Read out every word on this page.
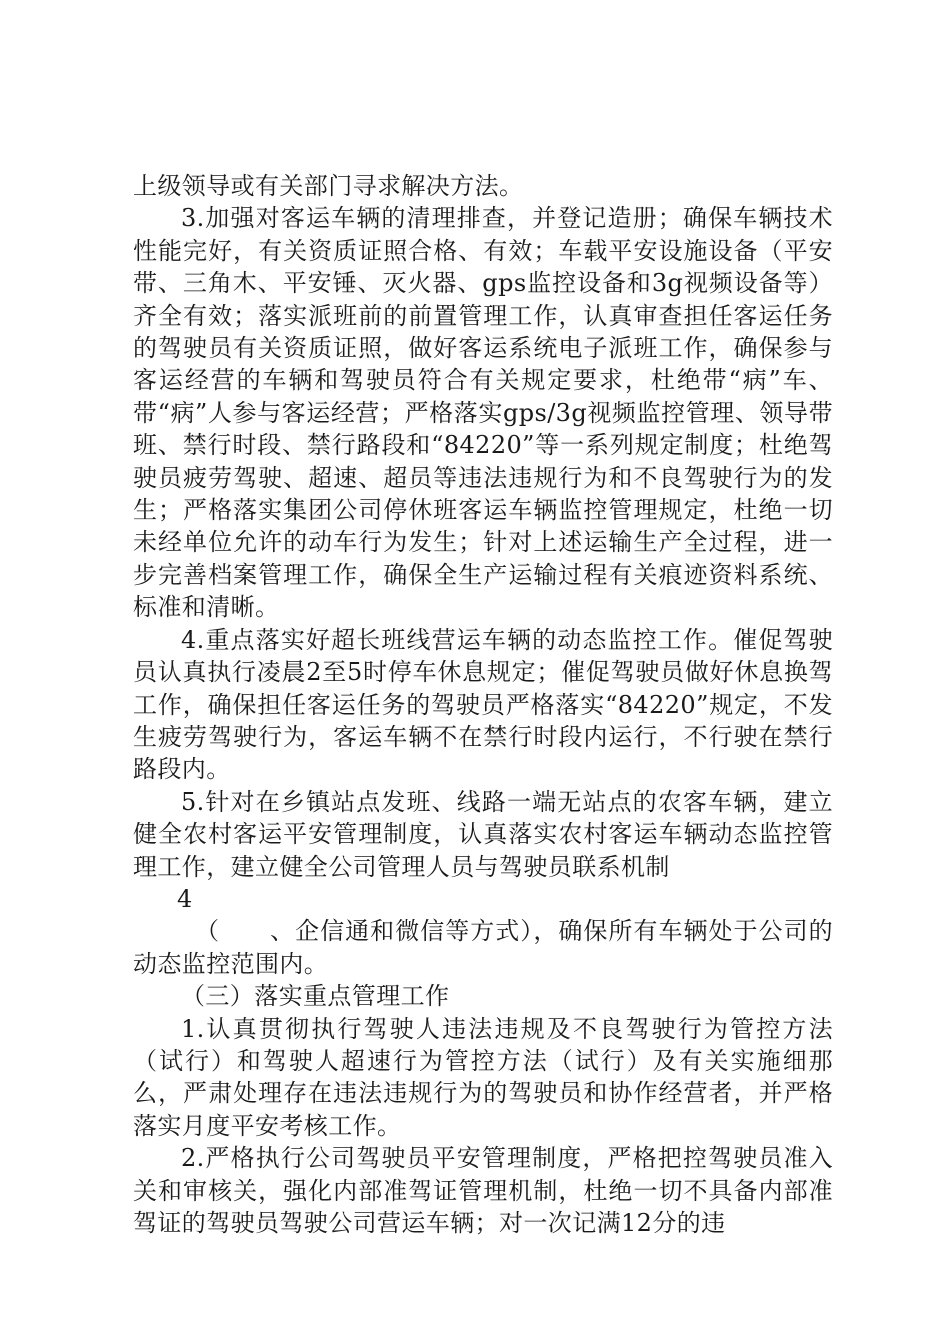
上级领导或有关部门寻求解决方法。

3.加强对客运车辆的清理排查，并登记造册；确保车辆技术性能完好，有关资质证照合格、有效；车载平安设施设备（平安带、三角木、平安锤、灭火器、gps监控设备和3g视频设备等）齐全有效；落实派班前的前置管理工作，认真审查担任客运任务的驾驶员有关资质证照，做好客运系统电子派班工作，确保参与客运经营的车辆和驾驶员符合有关规定要求，杜绝带“病”车、带“病”人参与客运经营；严格落实gps/3g视频监控管理、领导带班、禁行时段、禁行路段和“84220”等一系列规定制度；杜绝驾驶员疲劳驾驶、超速、超员等违法违规行为和不良驾驶行为的发生；严格落实集团公司停休班客运车辆监控管理规定，杜绝一切未经单位允许的动车行为发生；针对上述运输生产全过程，进一步完善档案管理工作，确保全生产运输过程有关痕迹资料系统、标准和清晰。

4.重点落实好超长班线营运车辆的动态监控工作。催促驾驶员认真执行凌晨2至5时停车休息规定；催促驾驶员做好休息换驾工作，确保担任客运任务的驾驶员严格落实“84220”规定，不发生疲劳驾驶行为，客运车辆不在禁行时段内运行，不行驶在禁行路段内。

5.针对在乡镇站点发班、线路一端无站点的农客车辆，建立健全农村客运平安管理制度，认真落实农村客运车辆动态监控管理工作，建立健全公司管理人员与驾驶员联系机制

4

（　　、企信通和微信等方式），确保所有车辆处于公司的动态监控范围内。

（三）落实重点管理工作

1.认真贯彻执行驾驶人违法违规及不良驾驶行为管控方法（试行）和驾驶人超速行为管控方法（试行）及有关实施细那么，严肃处理存在违法违规行为的驾驶员和协作经营者，并严格落实月度平安考核工作。

2.严格执行公司驾驶员平安管理制度，严格把控驾驶员准入关和审核关，强化内部准驾证管理机制，杜绝一切不具备内部准驾证的驾驶员驾驶公司营运车辆；对一次记满12分的违
